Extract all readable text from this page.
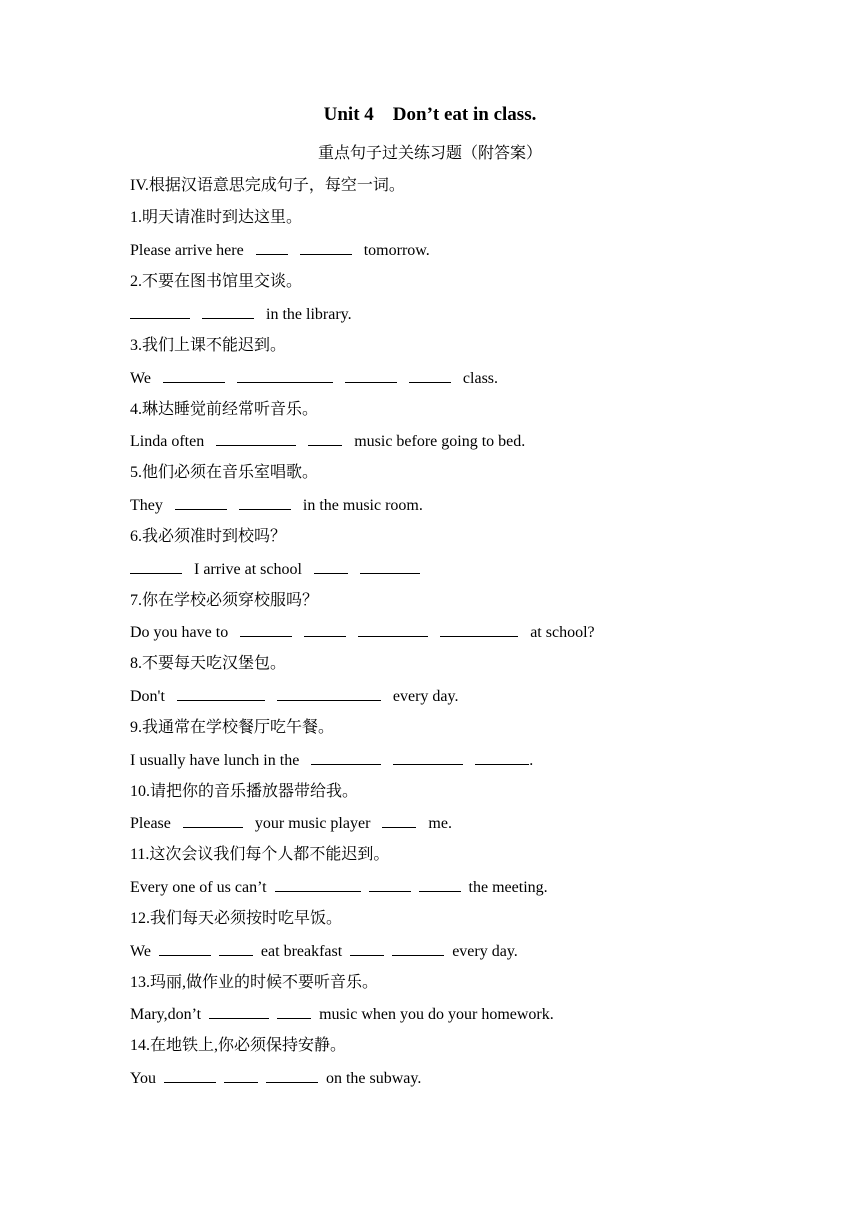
Unit 4    Don’t eat in class.
重点句子过关练习题（附答案）
IV.根据汉语意思完成句子，每空一词。
1.明天请准时到达这里。
Please arrive here	tomorrow.
2.不要在图书馆里交谈。
in the library.
3.我们上课不能迟到。
We	class.
4.琳达睡觉前经常听音乐。
Linda often	music before going to bed.
5.他们必须在音乐室唱歌。
They	in the music room.
6.我必须准时到校吗？
I arrive at school
7.你在学校必须穿校服吗？
Do you have to	at school?
8.不要每天吃汉堡包。
Don't	every day.
9.我通常在学校餐厅吃午餐。
I usually have lunch in the	.
10.请把你的音乐播放器带给我。
Please	your music player	me.
11.这次会议我们每个人都不能迟到。
Every one of us can’t	the meeting.
12.我们每天必须按时吃早饭。
We	eat breakfast	every day.
13.玛丽,做作业的时候不要听音乐。
Mary,don’t	music when you do your homework.
14.在地铁上,你必须保持安静。
You	on the subway.
